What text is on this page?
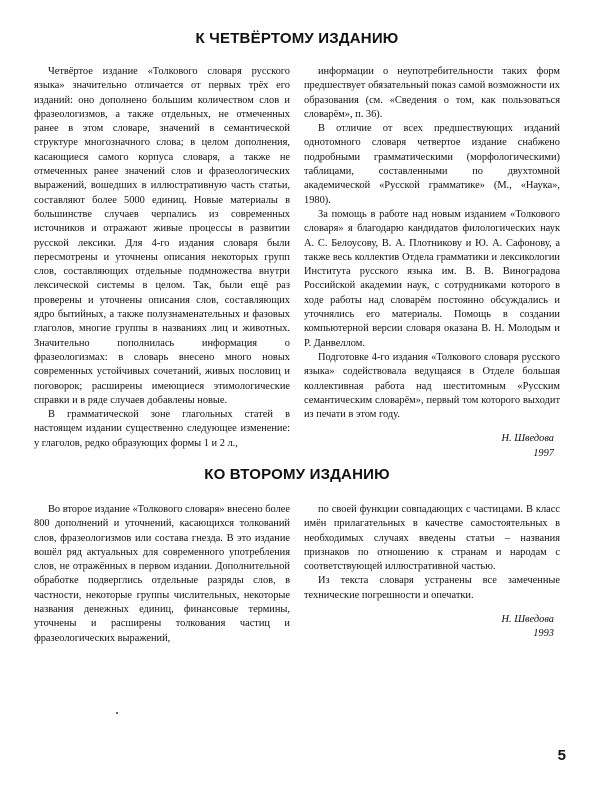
К ЧЕТВЁРТОМУ ИЗДАНИЮ

Четвёртое издание «Толкового словаря русского языка» значительно отличается от первых трёх его изданий: оно дополнено большим количеством слов и фразеологизмов, а также отдельных, не отмеченных ранее в этом словаре, значений в семантической структуре многозначного слова; в целом дополнения, касающиеся самого корпуса словаря, а также не отмеченных ранее значений слов и фразеологических выражений, вошедших в иллюстративную часть статьи, составляют более 5000 единиц. Новые материалы в большинстве случаев черпались из современных источников и отражают живые процессы в развитии русской лексики. Для 4-го издания словаря были пересмотрены и уточнены описания некоторых групп слов, составляющих отдельные подмножества внутри лексической системы в целом. Так, были ещё раз проверены и уточнены описания слов, составляющих ядро бытийных, а также полузнаменательных и фазовых глаголов, многие группы в названиях лиц и животных. Значительно пополнилась информация о фразеологизмах: в словарь внесено много новых современных устойчивых сочетаний, живых пословиц и поговорок; расширены имеющиеся этимологические справки и в ряде случаев добавлены новые.

В грамматической зоне глагольных статей в настоящем издании существенно следующее изменение: у глаголов, редко образующих формы 1 и 2 л.,

информации о неупотребительности таких форм предшествует обязательный показ самой возможности их образования (см. «Сведения о том, как пользоваться словарём», п. 36).

В отличие от всех предшествующих изданий однотомного словаря четвертое издание снабжено подробными грамматическими (морфологическими) таблицами, составленными по двухтомной академической «Русской грамматике» (М., «Наука», 1980).

За помощь в работе над новым изданием «Толкового словаря» я благодарю кандидатов филологических наук А. С. Белоусову, В. А. Плотникову и Ю. А. Сафонову, а также весь коллектив Отдела грамматики и лексикологии Института русского языка им. В. В. Виноградова Российской академии наук, с сотрудниками которого в ходе работы над словарём постоянно обсуждались и уточнялись его материалы. Помощь в создании компьютерной версии словаря оказана В. Н. Молодым и Р. Данвеллом.

Подготовке 4-го издания «Толкового словаря русского языка» содействовала ведущаяся в Отделе большая коллективная работа над шеститомным «Русским семантическим словарём», первый том которого выходит из печати в этом году.

Н. Шведова
1997
КО ВТОРОМУ ИЗДАНИЮ

Во второе издание «Толкового словаря» внесено более 800 дополнений и уточнений, касающихся толкований слов, фразеологизмов или состава гнезда. В это издание вошёл ряд актуальных для современного употребления слов, не отражённых в первом издании. Дополнительной обработке подверглись отдельные разряды слов, в частности, некоторые группы числительных, некоторые названия денежных единиц, финансовые термины, уточнены и расширены толкования частиц и фразеологических выражений,

по своей функции совпадающих с частицами. В класс имён прилагательных в качестве самостоятельных в необходимых случаях введены статьи – названия признаков по отношению к странам и народам с соответствующей иллюстративной частью.

Из текста словаря устранены все замеченные технические погрешности и опечатки.

Н. Шведова
1993
5
